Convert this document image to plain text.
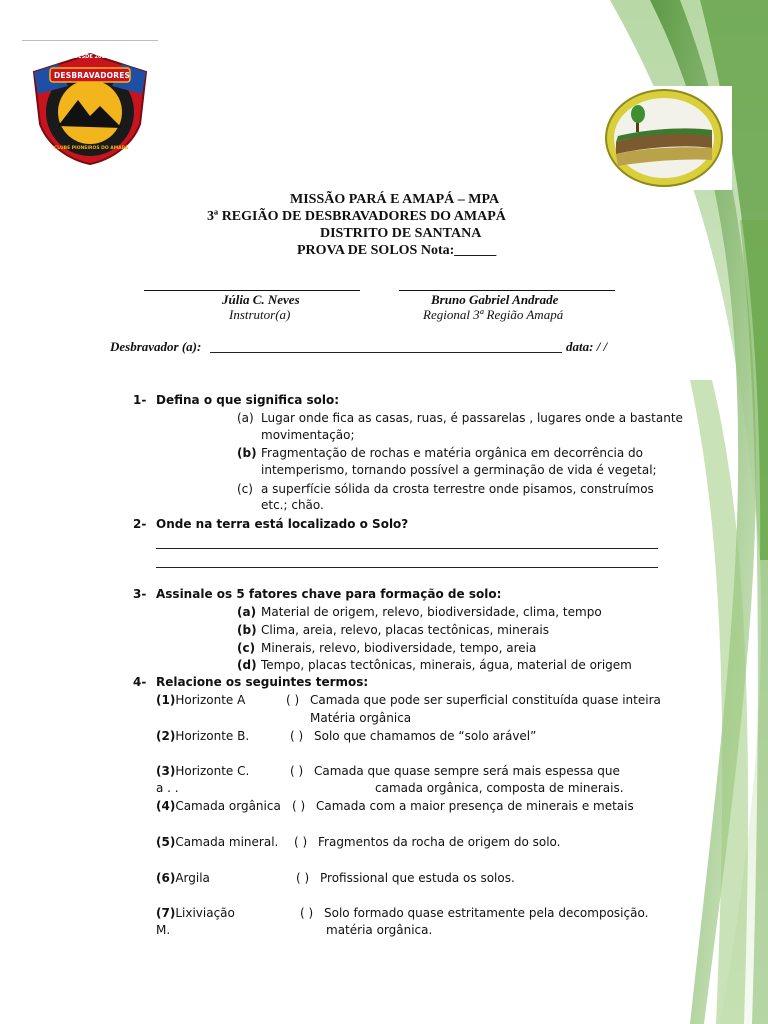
DESDE 2016
DESBRAVADORES
CLUBE PIONEIROS DO AMAPÁ
MISSÃO PARÁ E AMAPÁ – MPA
3ª REGIÃO DE DESBRAVADORES DO AMAPÁ
DISTRITO DE SANTANA
PROVA DE SOLOS Nota:______
Júlia C. Neves
Instrutor(a)
Bruno Gabriel Andrade
Regional 3ª Região Amapá
Desbravador (a):	data: / /
1- Defina o que significa solo:
(a) Lugar onde fica as casas, ruas, é passarelas , lugares onde a bastante
movimentação;
(b) Fragmentação de rochas e matéria orgânica em decorrência do
intemperismo, tornando possível a germinação de vida é vegetal;
(c) a superfície sólida da crosta terrestre onde pisamos, construímos
etc.; chão.
2- Onde na terra está localizado o Solo?
3- Assinale os 5 fatores chave para formação de solo:
(a) Material de origem, relevo, biodiversidade, clima, tempo
(b) Clima, areia, relevo, placas tectônicas, minerais
(c) Minerais, relevo, biodiversidade, tempo, areia
(d) Tempo, placas tectônicas, minerais, água, material de origem
4- Relacione os seguintes termos:
(1)Horizonte A	( ) Camada que pode ser superficial constituída quase inteira
Matéria orgânica
(2)Horizonte B.	( ) Solo que chamamos de “solo arável”
(3)Horizonte C.	( ) Camada que quase sempre será mais espessa que
a . .	camada orgânica, composta de minerais.
(4)Camada orgânica ( ) Camada com a maior presença de minerais e metais
(5)Camada mineral. ( ) Fragmentos da rocha de origem do solo.
(6)Argila	( ) Profissional que estuda os solos.
(7)Lixiviação	( ) Solo formado quase estritamente pela decomposição.
M.	matéria orgânica.
